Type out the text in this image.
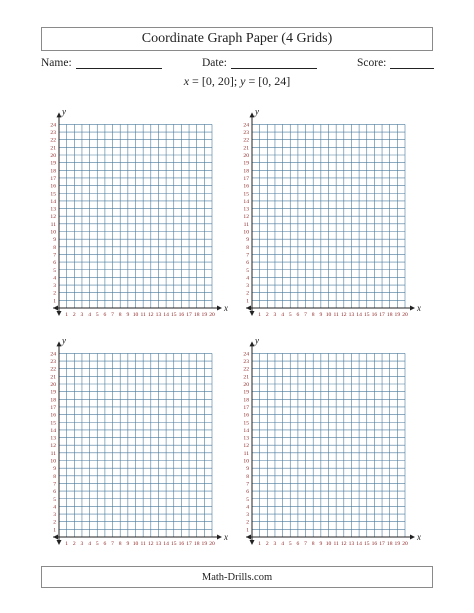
Coordinate Graph Paper (4 Grids)
Name:	Date:	Score:
x = [0, 20]; y = [0, 24]
x
y
1 2 3 4 5 6 7 8 9 10 11 12 13 14 15 16 17 18 19 20
1
2
3
4
5
6
7
8
9
10
11
12
13
14
15
16
17
18
19
20
21
22
23
24
x
y
1 2 3 4 5 6 7 8 9 10 11 12 13 14 15 16 17 18 19 20
1
2
3
4
5
6
7
8
9
10
11
12
13
14
15
16
17
18
19
20
21
22
23
24
x
y
1 2 3 4 5 6 7 8 9 10 11 12 13 14 15 16 17 18 19 20
1
2
3
4
5
6
7
8
9
10
11
12
13
14
15
16
17
18
19
20
21
22
23
24
x
y
1 2 3 4 5 6 7 8 9 10 11 12 13 14 15 16 17 18 19 20
1
2
3
4
5
6
7
8
9
10
11
12
13
14
15
16
17
18
19
20
21
22
23
24
Math-Drills.com
